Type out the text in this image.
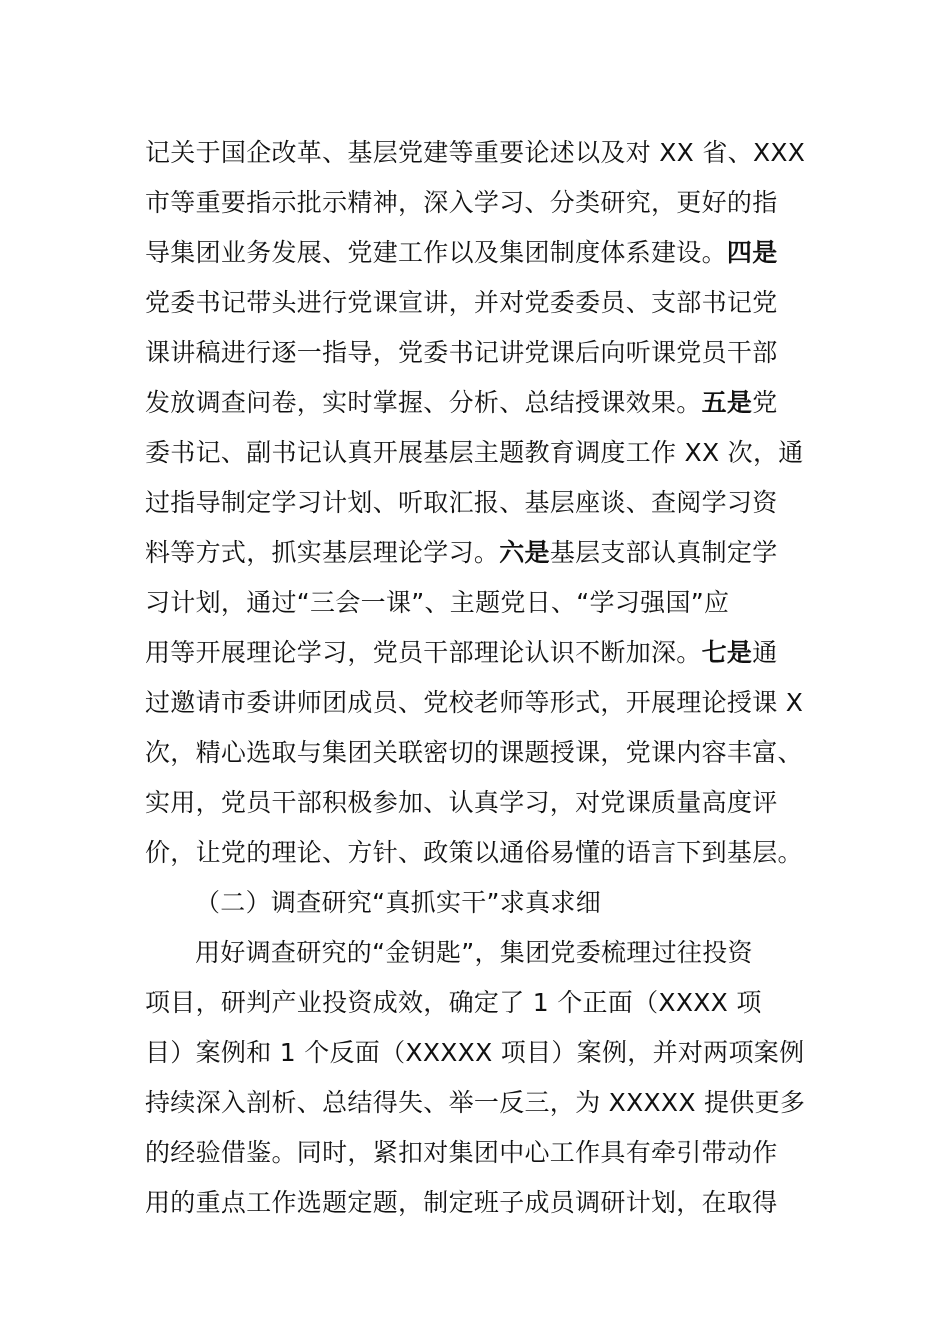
记关于国企改革、基层党建等重要论述以及对 XX 省、XXX
市等重要指示批示精神，深入学习、分类研究，更好的指
导集团业务发展、党建工作以及集团制度体系建设。四是
党委书记带头进行党课宣讲，并对党委委员、支部书记党
课讲稿进行逐一指导，党委书记讲党课后向听课党员干部
发放调查问卷，实时掌握、分析、总结授课效果。五是党
委书记、副书记认真开展基层主题教育调度工作 XX 次，通
过指导制定学习计划、听取汇报、基层座谈、查阅学习资
料等方式，抓实基层理论学习。六是基层支部认真制定学
习计划，通过“三会一课”、主题党日、“学习强国”应
用等开展理论学习，党员干部理论认识不断加深。七是通
过邀请市委讲师团成员、党校老师等形式，开展理论授课 X
次，精心选取与集团关联密切的课题授课，党课内容丰富、
实用，党员干部积极参加、认真学习，对党课质量高度评
价，让党的理论、方针、政策以通俗易懂的语言下到基层。
（二）调查研究“真抓实干”求真求细
用好调查研究的“金钥匙”，集团党委梳理过往投资
项目，研判产业投资成效，确定了 1 个正面（XXXX 项
目）案例和 1 个反面（XXXXX 项目）案例，并对两项案例
持续深入剖析、总结得失、举一反三，为 XXXXX 提供更多
的经验借鉴。同时，紧扣对集团中心工作具有牵引带动作
用的重点工作选题定题，制定班子成员调研计划，在取得
